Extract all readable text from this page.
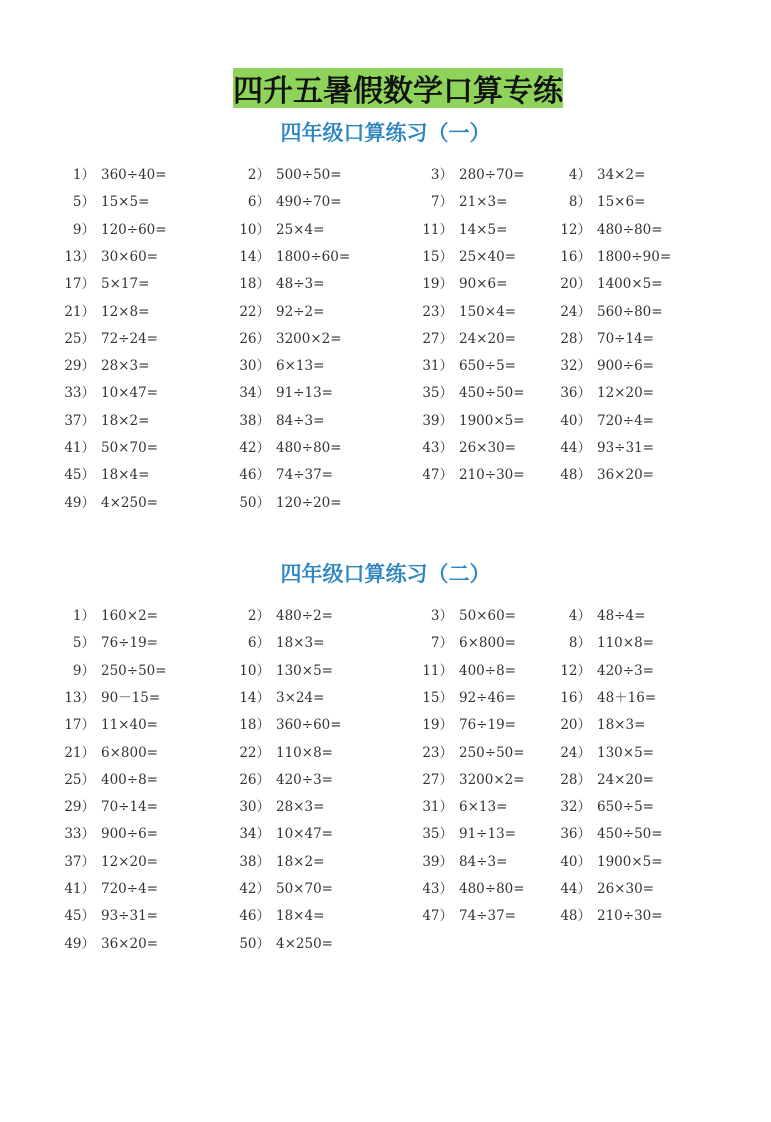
四升五暑假数学口算专练
四年级口算练习（一）
1） 360÷40=	2） 500÷50=	3） 280÷70=	4） 34×2=
5） 15×5=	6） 490÷70=	7） 21×3=	8） 15×6=
9） 120÷60=	10） 25×4=	11） 14×5=	12） 480÷80=
13） 30×60=	14） 1800÷60=	15） 25×40=	16） 1800÷90=
17） 5×17=	18） 48÷3=	19） 90×6=	20） 1400×5=
21） 12×8=	22） 92÷2=	23） 150×4=	24） 560÷80=
25） 72÷24=	26） 3200×2=	27） 24×20=	28） 70÷14=
29） 28×3=	30） 6×13=	31） 650÷5=	32） 900÷6=
33） 10×47=	34） 91÷13=	35） 450÷50=	36） 12×20=
37） 18×2=	38） 84÷3=	39） 1900×5=	40） 720÷4=
41） 50×70=	42） 480÷80=	43） 26×30=	44） 93÷31=
45） 18×4=	46） 74÷37=	47） 210÷30=	48） 36×20=
49） 4×250=	50） 120÷20=
四年级口算练习（二）
1） 160×2=	2） 480÷2=	3） 50×60=	4） 48÷4=
5） 76÷19=	6） 18×3=	7） 6×800=	8） 110×8=
9） 250÷50=	10） 130×5=	11） 400÷8=	12） 420÷3=
13） 90－15=	14） 3×24=	15） 92÷46=	16） 48＋16=
17） 11×40=	18） 360÷60=	19） 76÷19=	20） 18×3=
21） 6×800=	22） 110×8=	23） 250÷50=	24） 130×5=
25） 400÷8=	26） 420÷3=	27） 3200×2=	28） 24×20=
29） 70÷14=	30） 28×3=	31） 6×13=	32） 650÷5=
33） 900÷6=	34） 10×47=	35） 91÷13=	36） 450÷50=
37） 12×20=	38） 18×2=	39） 84÷3=	40） 1900×5=
41） 720÷4=	42） 50×70=	43） 480÷80=	44） 26×30=
45） 93÷31=	46） 18×4=	47） 74÷37=	48） 210÷30=
49） 36×20=	50） 4×250=
